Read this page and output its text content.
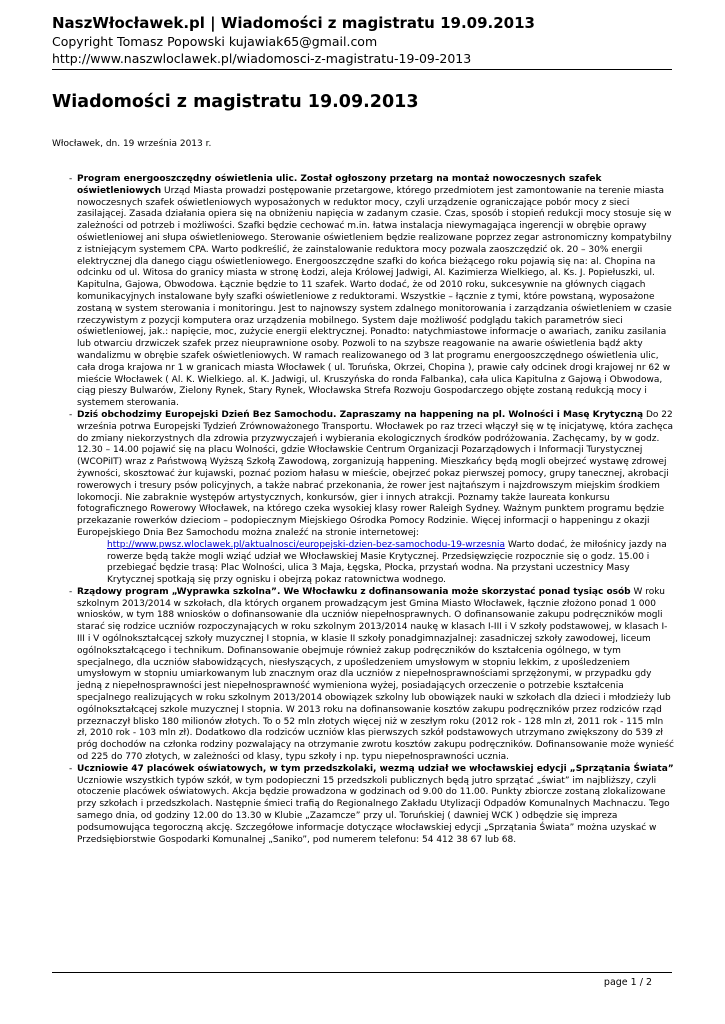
NaszWłocławek.pl | Wiadomości z magistratu 19.09.2013
Copyright Tomasz Popowski kujawiak65@gmail.com
http://www.naszwloclawek.pl/wiadomosci-z-magistratu-19-09-2013
Wiadomości z magistratu 19.09.2013
Włocławek, dn. 19 września 2013 r.
- Program energooszczędny oświetlenia ulic. Został ogłoszony przetarg na montaż nowoczesnych szafek oświetleniowych Urząd Miasta prowadzi postępowanie przetargowe, którego przedmiotem jest zamontowanie na terenie miasta nowoczesnych szafek oświetleniowych wyposażonych w reduktor mocy, czyli urządzenie ograniczające pobór mocy z sieci zasilającej. Zasada działania opiera się na obniżeniu napięcia w zadanym czasie. Czas, sposób i stopień redukcji mocy stosuje się w zależności od potrzeb i możliwości. Szafki będzie cechować m.in. łatwa instalacja niewymagająca ingerencji w obrębie oprawy oświetleniowej ani słupa oświetleniowego. Sterowanie oświetleniem będzie realizowane poprzez zegar astronomiczny kompatybilny z istniejącym systemem CPA. Warto podkreślić, że zainstalowanie reduktora mocy pozwala zaoszczędzić ok. 20 – 30% energii elektrycznej dla danego ciągu oświetleniowego. Energooszczędne szafki do końca bieżącego roku pojawią się na: al. Chopina na odcinku od ul. Witosa do granicy miasta w stronę Łodzi, aleja Królowej Jadwigi, Al. Kazimierza Wielkiego, al. Ks. J. Popiełuszki, ul. Kapitulna, Gajowa, Obwodowa. Łącznie będzie to 11 szafek. Warto dodać, że od 2010 roku, sukcesywnie na głównych ciągach komunikacyjnych instalowane były szafki oświetleniowe z reduktorami. Wszystkie – łącznie z tymi, które powstaną, wyposażone zostaną w system sterowania i monitoringu. Jest to najnowszy system zdalnego monitorowania i zarządzania oświetleniem w czasie rzeczywistym z pozycji komputera oraz urządzenia mobilnego. System daje możliwość podglądu takich parametrów sieci oświetleniowej, jak.: napięcie, moc, zużycie energii elektrycznej. Ponadto: natychmiastowe informacje o awariach, zaniku zasilania lub otwarciu drzwiczek szafek przez nieuprawnione osoby. Pozwoli to na szybsze reagowanie na awarie oświetlenia bądź akty wandalizmu w obrębie szafek oświetleniowych. W ramach realizowanego od 3 lat programu energooszczędnego oświetlenia ulic, cała droga krajowa nr 1 w granicach miasta Włocławek ( ul. Toruńska, Okrzei, Chopina ), prawie cały odcinek drogi krajowej nr 62 w mieście Włocławek ( Al. K. Wielkiego. al. K. Jadwigi, ul. Kruszyńska do ronda Falbanka), cała ulica Kapitulna z Gajową i Obwodowa, ciąg pieszy Bulwarów, Zielony Rynek, Stary Rynek, Włocławska Strefa Rozwoju Gospodarczego objęte zostaną redukcją mocy i systemem sterowania.
- Dziś obchodzimy Europejski Dzień Bez Samochodu. Zapraszamy na happening na pl. Wolności i Masę Krytyczną Do 22 września potrwa Europejski Tydzień Zrównoważonego Transportu. Włocławek po raz trzeci włączył się w tę inicjatywę, która zachęca do zmiany niekorzystnych dla zdrowia przyzwyczajeń i wybierania ekologicznych środków podróżowania. Zachęcamy, by w godz. 12.30 – 14.00 pojawić się na placu Wolności, gdzie Włocławskie Centrum Organizacji Pozarządowych i Informacji Turystycznej (WCOPiIT) wraz z Państwową Wyższą Szkołą Zawodową, zorganizują happening. Mieszkańcy będą mogli obejrzeć wystawę zdrowej żywności, skosztować żur kujawski, poznać poziom hałasu w mieście, obejrzeć pokaz pierwszej pomocy, grupy tanecznej, akrobacji rowerowych i tresury psów policyjnych, a także nabrać przekonania, że rower jest najtańszym i najzdrowszym miejskim środkiem lokomocji. Nie zabraknie występów artystycznych, konkursów, gier i innych atrakcji. Poznamy także laureata konkursu fotograficznego Rowerowy Włocławek, na którego czeka wysokiej klasy rower Raleigh Sydney. Ważnym punktem programu będzie przekazanie rowerków dzieciom – podopiecznym Miejskiego Ośrodka Pomocy Rodzinie. Więcej informacji o happeningu z okazji Europejskiego Dnia Bez Samochodu można znaleźć na stronie internetowej:
http://www.pwsz.wloclawek.pl/aktualnosci/europejski-dzien-bez-samochodu-19-wrzesnia Warto dodać, że miłośnicy jazdy na rowerze będą także mogli wziąć udział we Włocławskiej Masie Krytycznej. Przedsięwzięcie rozpocznie się o godz. 15.00 i przebiegać będzie trasą: Plac Wolności, ulica 3 Maja, Łęgska, Płocka, przystań wodna. Na przystani uczestnicy Masy Krytycznej spotkają się przy ognisku i obejrzą pokaz ratownictwa wodnego.
- Rządowy program „Wyprawka szkolna”. We Włocławku z dofinansowania może skorzystać ponad tysiąc osób W roku szkolnym 2013/2014 w szkołach, dla których organem prowadzącym jest Gmina Miasto Włocławek, łącznie złożono ponad 1 000 wniosków, w tym 188 wniosków o dofinansowanie dla uczniów niepełnosprawnych. O dofinansowanie zakupu podręczników mogli starać się rodzice uczniów rozpoczynających w roku szkolnym 2013/2014 naukę w klasach I-III i V szkoły podstawowej, w klasach I-III i V ogólnokształcącej szkoły muzycznej I stopnia, w klasie II szkoły ponadgimnazjalnej: zasadniczej szkoły zawodowej, liceum ogólnokształcącego i technikum. Dofinansowanie obejmuje również zakup podręczników do kształcenia ogólnego, w tym specjalnego, dla uczniów słabowidzących, niesłyszących, z upośledzeniem umysłowym w stopniu lekkim, z upośledzeniem umysłowym w stopniu umiarkowanym lub znacznym oraz dla uczniów z niepełnosprawnościami sprzężonymi, w przypadku gdy jedną z niepełnosprawności jest niepełnosprawność wymieniona wyżej, posiadających orzeczenie o potrzebie kształcenia specjalnego realizujących w roku szkolnym 2013/2014 obowiązek szkolny lub obowiązek nauki w szkołach dla dzieci i młodzieży lub ogólnokształcącej szkole muzycznej I stopnia. W 2013 roku na dofinansowanie kosztów zakupu podręczników przez rodziców rząd przeznaczył blisko 180 milionów złotych. To o 52 mln złotych więcej niż w zeszłym roku (2012 rok - 128 mln zł, 2011 rok - 115 mln zł, 2010 rok - 103 mln zł). Dodatkowo dla rodziców uczniów klas pierwszych szkół podstawowych utrzymano zwiększony do 539 zł próg dochodów na członka rodziny pozwalający na otrzymanie zwrotu kosztów zakupu podręczników. Dofinansowanie może wynieść od 225 do 770 złotych, w zależności od klasy, typu szkoły i np. typu niepełnosprawności ucznia.
- Uczniowie 47 placówek oświatowych, w tym przedszkolaki, wezmą udział we włocławskiej edycji „Sprzątania Świata” Uczniowie wszystkich typów szkół, w tym podopieczni 15 przedszkoli publicznych będą jutro sprzątać „świat” im najbliższy, czyli otoczenie placówek oświatowych. Akcja będzie prowadzona w godzinach od 9.00 do 11.00. Punkty zbiorcze zostaną zlokalizowane przy szkołach i przedszkolach. Następnie śmieci trafią do Regionalnego Zakładu Utylizacji Odpadów Komunalnych Machnaczu. Tego samego dnia, od godziny 12.00 do 13.30 w Klubie „Zazamcze” przy ul. Toruńskiej ( dawniej WCK ) odbędzie się impreza podsumowująca tegoroczną akcję. Szczegółowe informacje dotyczące włocławskiej edycji „Sprzątania Świata” można uzyskać w Przedsiębiorstwie Gospodarki Komunalnej „Saniko”, pod numerem telefonu: 54 412 38 67 lub 68.
page 1 / 2
